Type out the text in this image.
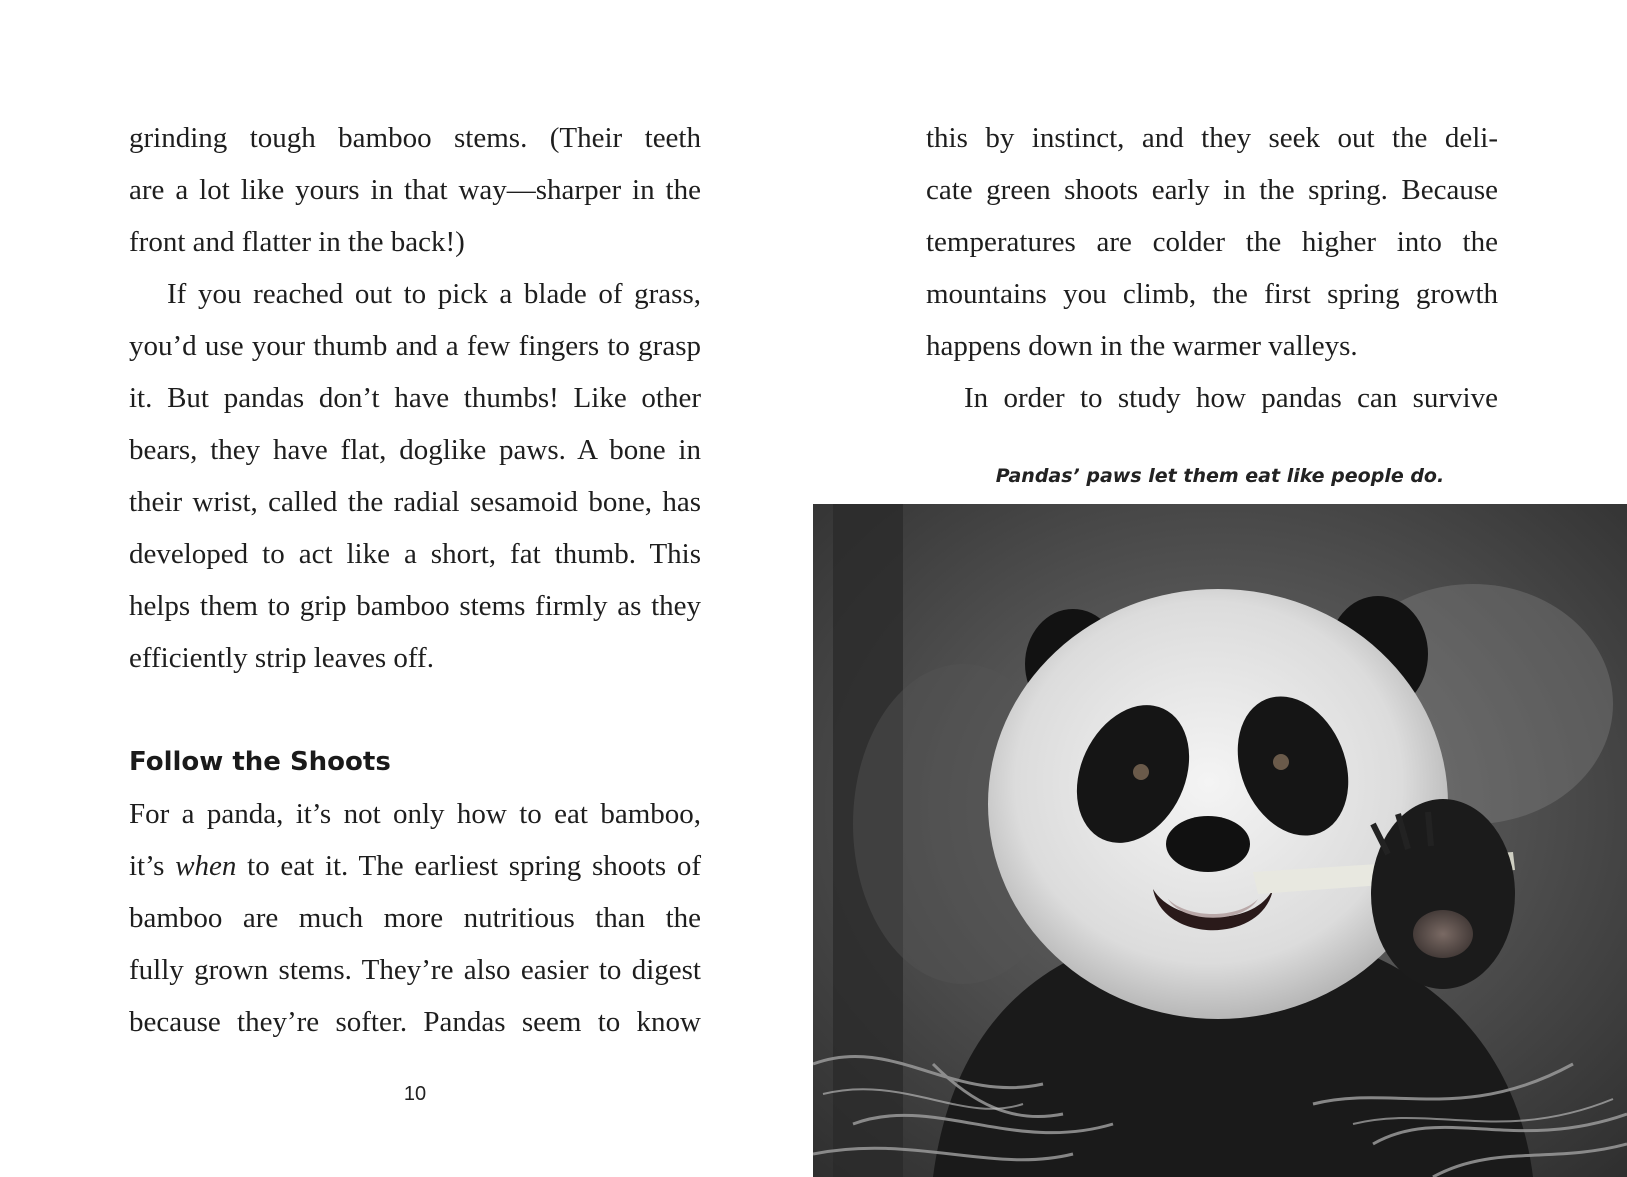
grinding tough bamboo stems. (Their teeth
are a lot like yours in that way—sharper in the
front and flatter in the back!)
If you reached out to pick a blade of grass,
you’d use your thumb and a few fingers to grasp
it. But pandas don’t have thumbs! Like other
bears, they have flat, doglike paws. A bone in
their wrist, called the radial sesamoid bone, has
developed to act like a short, fat thumb. This
helps them to grip bamboo stems firmly as they
efficiently strip leaves off.
Follow the Shoots
For a panda, it’s not only how to eat bamboo,
it’s when to eat it. The earliest spring shoots of
bamboo are much more nutritious than the
fully grown stems. They’re also easier to digest
because they’re softer. Pandas seem to know
10
this by instinct, and they seek out the deli-
cate green shoots early in the spring. Because
temperatures are colder the higher into the
mountains you climb, the first spring growth
happens down in the warmer valleys.
In order to study how pandas can survive
Pandas’ paws let them eat like people do.
